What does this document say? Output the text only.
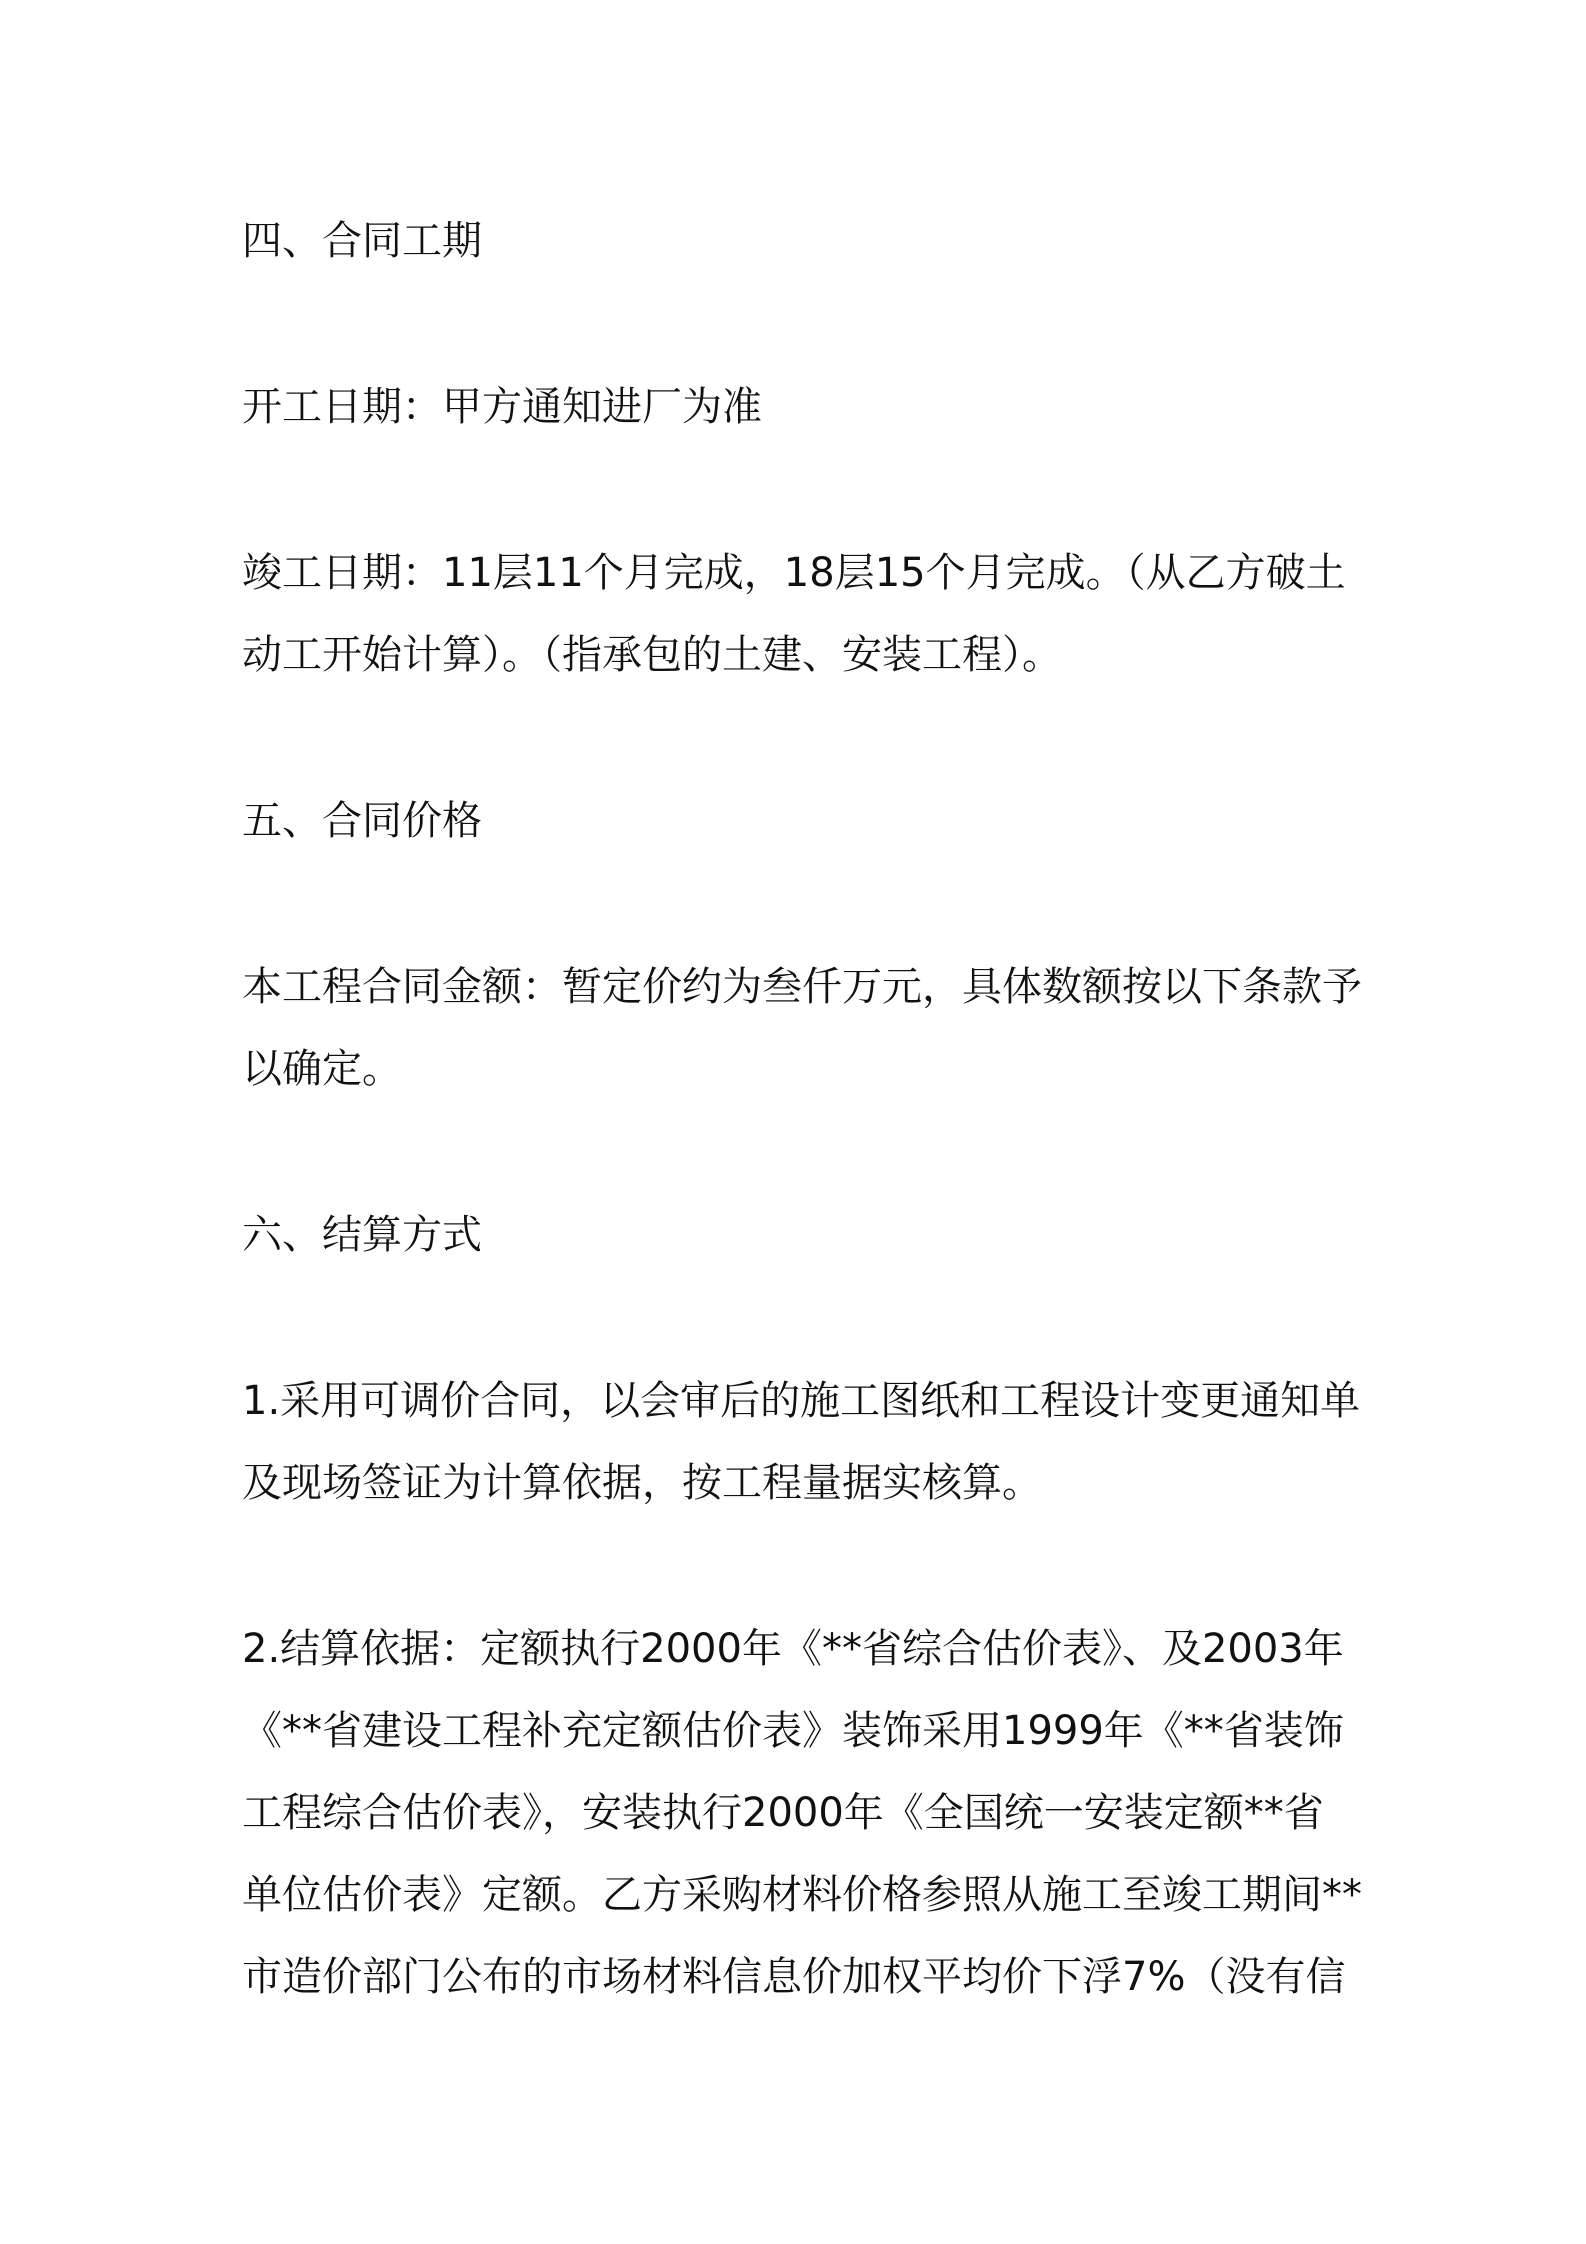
四、合同工期

开工日期：甲方通知进厂为准

竣工日期：11层11个月完成，18层15个月完成。（从乙方破土动工开始计算）。（指承包的土建、安装工程）。

五、合同价格

本工程合同金额：暂定价约为叁仟万元，具体数额按以下条款予以确定。

六、结算方式

1.采用可调价合同，以会审后的施工图纸和工程设计变更通知单及现场签证为计算依据，按工程量据实核算。

2.结算依据：定额执行2000年《**省综合估价表》、及2003年《**省建设工程补充定额估价表》装饰采用1999年《**省装饰工程综合估价表》，安装执行2000年《全国统一安装定额**省单位估价表》定额。乙方采购材料价格参照从施工至竣工期间**市造价部门公布的市场材料信息价加权平均价下浮7%（没有信
